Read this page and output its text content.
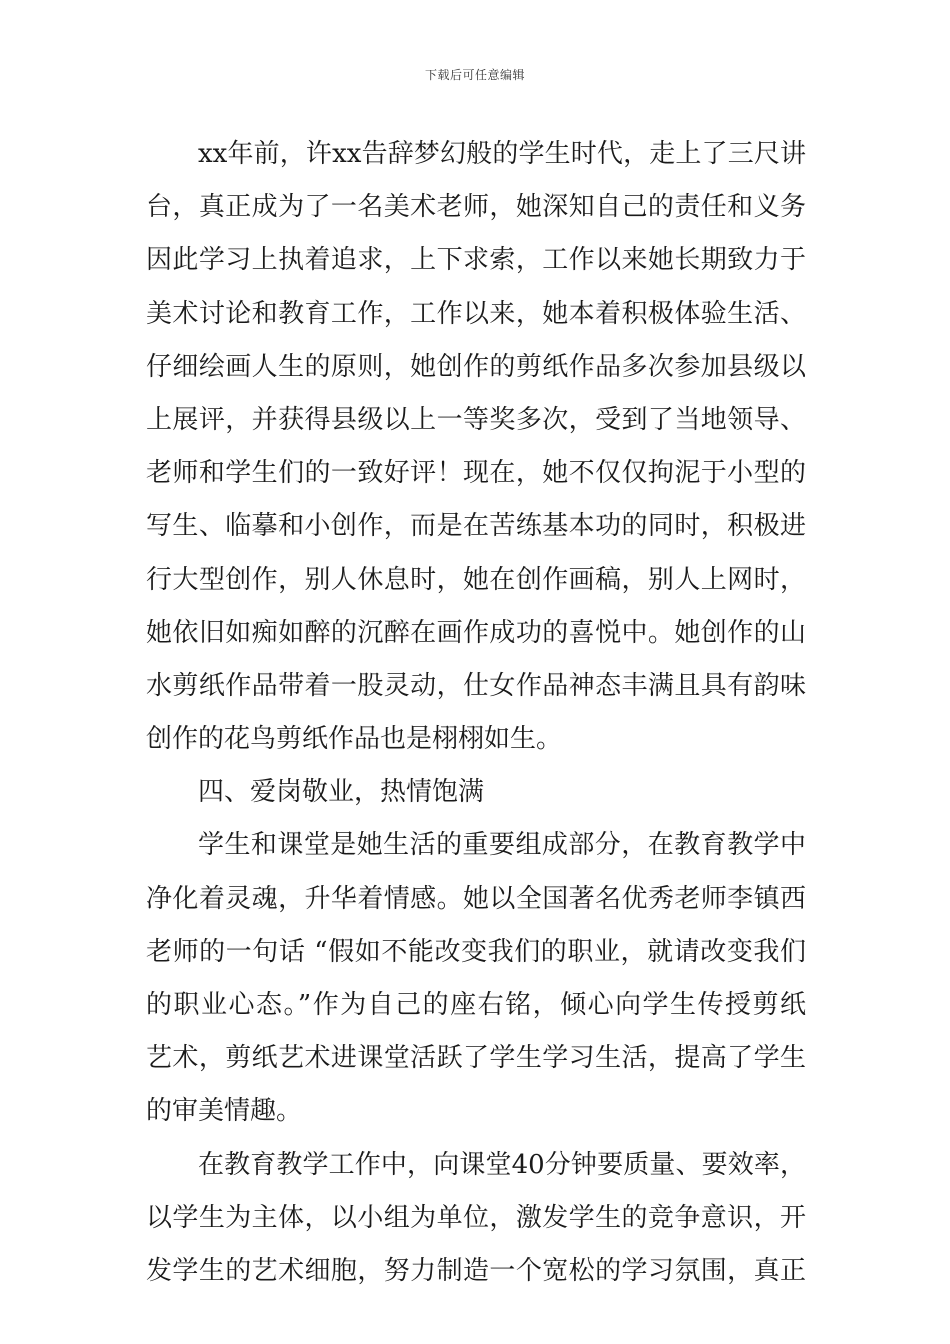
下载后可任意编辑
xx年前，许xx告辞梦幻般的学生时代，走上了三尺讲
台，真正成为了一名美术老师，她深知自己的责任和义务
因此学习上执着追求，上下求索，工作以来她长期致力于
美术讨论和教育工作，工作以来，她本着积极体验生活、
仔细绘画人生的原则，她创作的剪纸作品多次参加县级以
上展评，并获得县级以上一等奖多次，受到了当地领导、
老师和学生们的一致好评！现在，她不仅仅拘泥于小型的
写生、临摹和小创作，而是在苦练基本功的同时，积极进
行大型创作，别人休息时，她在创作画稿，别人上网时，
她依旧如痴如醉的沉醉在画作成功的喜悦中。她创作的山
水剪纸作品带着一股灵动，仕女作品神态丰满且具有韵味
创作的花鸟剪纸作品也是栩栩如生。
四、爱岗敬业，热情饱满
学生和课堂是她生活的重要组成部分，在教育教学中
净化着灵魂，升华着情感。她以全国著名优秀老师李镇西
老师的一句话 “假如不能改变我们的职业，就请改变我们
的职业心态。”作为自己的座右铭，倾心向学生传授剪纸
艺术，剪纸艺术进课堂活跃了学生学习生活，提高了学生
的审美情趣。
在教育教学工作中，向课堂40分钟要质量、要效率，
以学生为主体，以小组为单位，激发学生的竞争意识，开
发学生的艺术细胞，努力制造一个宽松的学习氛围，真正
